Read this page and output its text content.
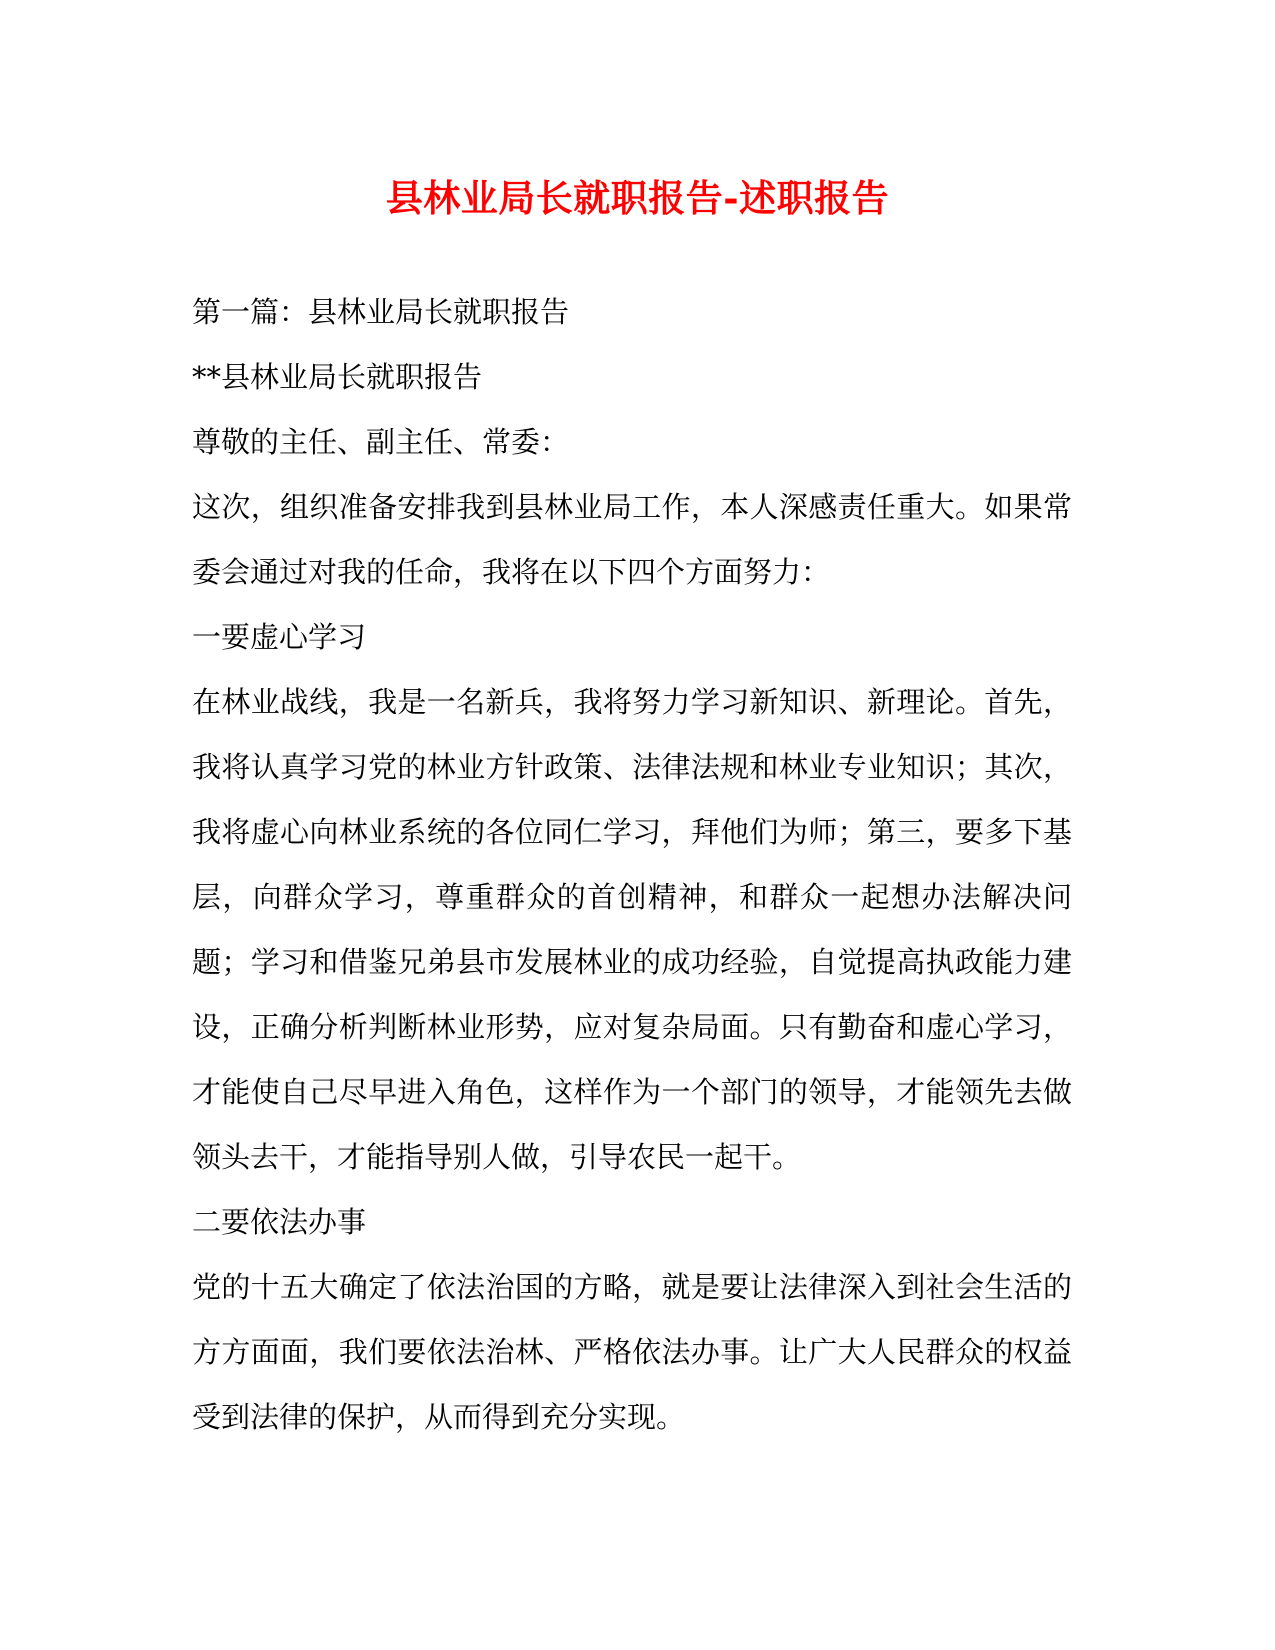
县林业局长就职报告-述职报告

第一篇：县林业局长就职报告

**县林业局长就职报告

尊敬的主任、副主任、常委：

这次，组织准备安排我到县林业局工作，本人深感责任重大。如果常委会通过对我的任命，我将在以下四个方面努力：

一要虚心学习

在林业战线，我是一名新兵，我将努力学习新知识、新理论。首先，我将认真学习党的林业方针政策、法律法规和林业专业知识；其次，我将虚心向林业系统的各位同仁学习，拜他们为师；第三，要多下基层，向群众学习，尊重群众的首创精神，和群众一起想办法解决问题；学习和借鉴兄弟县市发展林业的成功经验，自觉提高执政能力建设，正确分析判断林业形势，应对复杂局面。只有勤奋和虚心学习，才能使自己尽早进入角色，这样作为一个部门的领导，才能领先去做领头去干，才能指导别人做，引导农民一起干。

二要依法办事

党的十五大确定了依法治国的方略，就是要让法律深入到社会生活的方方面面，我们要依法治林、严格依法办事。让广大人民群众的权益受到法律的保护，从而得到充分实现。
